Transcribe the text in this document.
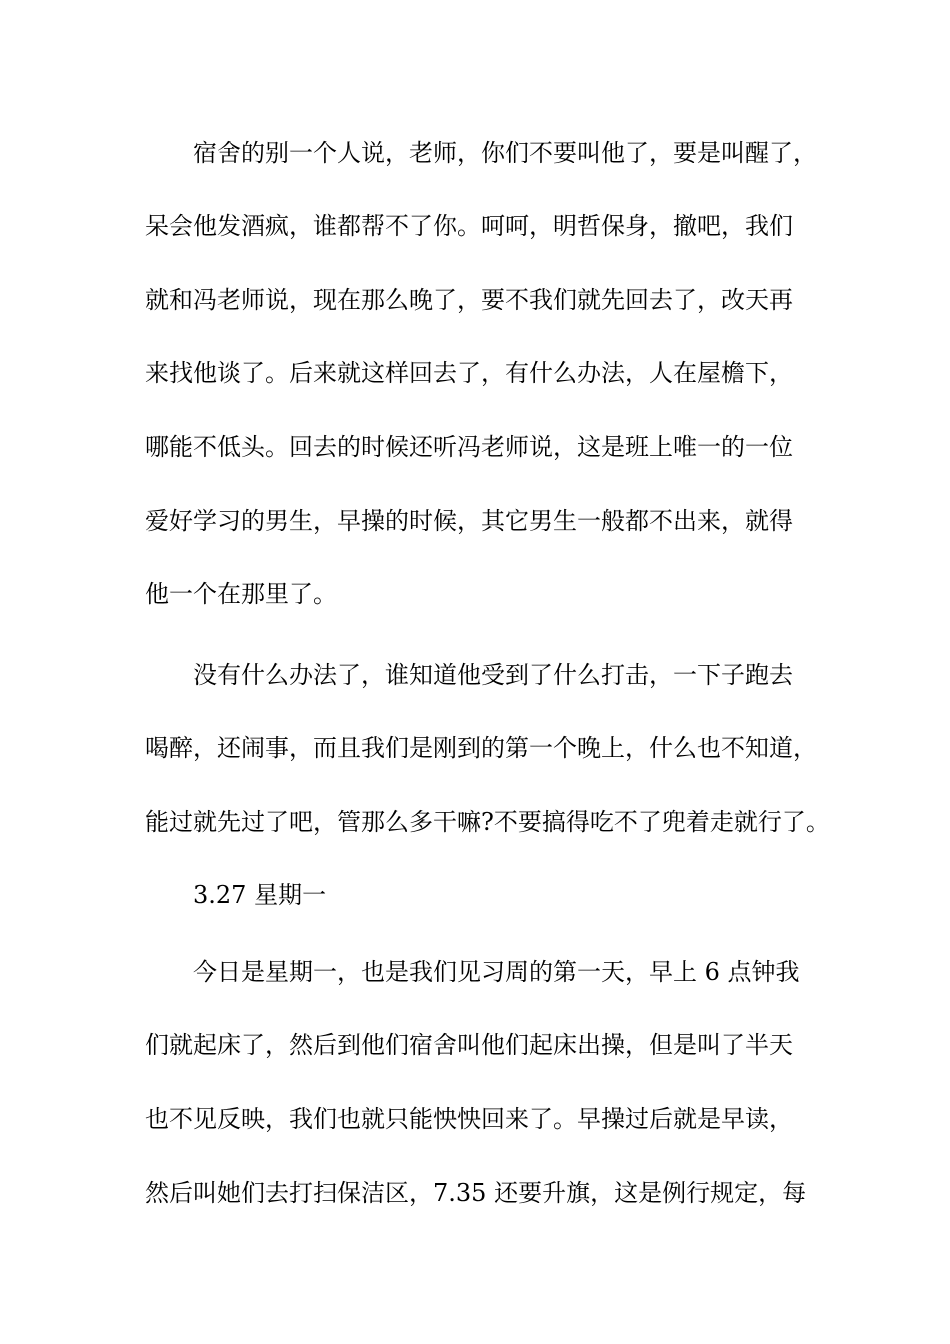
宿舍的别一个人说，老师，你们不要叫他了，要是叫醒了，
呆会他发酒疯，谁都帮不了你。呵呵，明哲保身，撤吧，我们
就和冯老师说，现在那么晚了，要不我们就先回去了，改天再
来找他谈了。后来就这样回去了，有什么办法，人在屋檐下，
哪能不低头。回去的时候还听冯老师说，这是班上唯一的一位
爱好学习的男生，早操的时候，其它男生一般都不出来，就得
他一个在那里了。
没有什么办法了，谁知道他受到了什么打击，一下子跑去
喝醉，还闹事，而且我们是刚到的第一个晚上，什么也不知道，
能过就先过了吧，管那么多干嘛?不要搞得吃不了兜着走就行了。
3.27 星期一
今日是星期一，也是我们见习周的第一天，早上 6 点钟我
们就起床了，然后到他们宿舍叫他们起床出操，但是叫了半天
也不见反映，我们也就只能怏怏回来了。早操过后就是早读，
然后叫她们去打扫保洁区，7.35 还要升旗，这是例行规定，每
